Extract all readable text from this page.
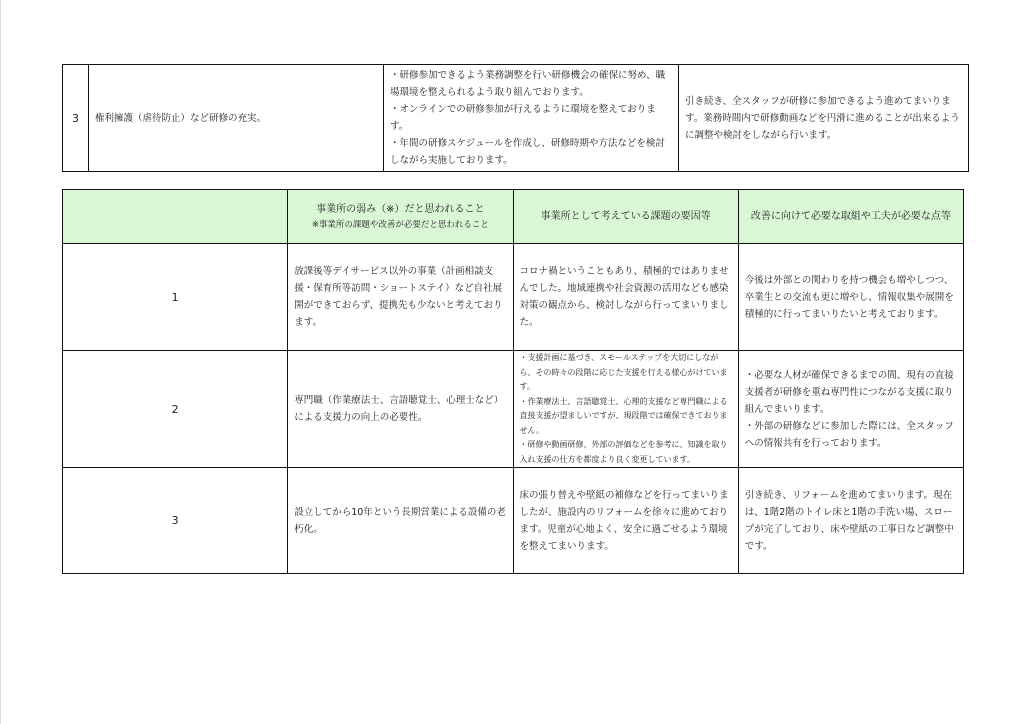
3	権利擁護（虐待防止）など研修の充実。	・研修参加できるよう業務調整を行い研修機会の確保に努め、職場環境を整えられるよう取り組んでおります。
・オンラインでの研修参加が行えるように環境を整えております。
・年間の研修スケジュールを作成し、研修時期や方法などを検討しながら実施しております。	引き続き、全スタッフが研修に参加できるよう進めてまいります。業務時間内で研修動画などを円滑に進めることが出来るように調整や検討をしながら行います。
	事業所の弱み（※）だと思われること
※事業所の課題や改善が必要だと思われること	事業所として考えている課題の要因等	改善に向けて必要な取組や工夫が必要な点等
1	放課後等デイサービス以外の事業（計画相談支援・保育所等訪問・ショートステイ）など自社展開ができておらず、提携先も少ないと考えております。	コロナ禍ということもあり、積極的ではありませんでした。地域連携や社会資源の活用なども感染対策の観点から、検討しながら行ってまいりました。	今後は外部との関わりを持つ機会も増やしつつ、卒業生との交流も更に増やし、情報収集や展開を積極的に行ってまいりたいと考えております。
2	専門職（作業療法士、言語聴覚士、心理士など）による支援力の向上の必要性。	・支援計画に基づき、スモールステップを大切にしながら、その時々の段階に応じた支援を行える様心がけています。
・作業療法士、言語聴覚士、心理的支援など専門職による直接支援が望ましいですが、現段階では確保できておりません。
・研修や動画研修、外部の評価などを参考に、知識を取り入れ支援の仕方を都度より良く変更しています。	・必要な人材が確保できるまでの間、現有の直接支援者が研修を重ね専門性につながる支援に取り組んでまいります。
・外部の研修などに参加した際には、全スタッフへの情報共有を行っております。
3	設立してから10年という長期営業による設備の老朽化。	床の張り替えや壁紙の補修などを行ってまいりましたが、施設内のリフォームを徐々に進めております。児童が心地よく、安全に過ごせるよう環境を整えてまいります。	引き続き、リフォームを進めてまいります。現在は、1階2階のトイレ床と1階の手洗い場、スロープが完了しており、床や壁紙の工事日など調整中です。
